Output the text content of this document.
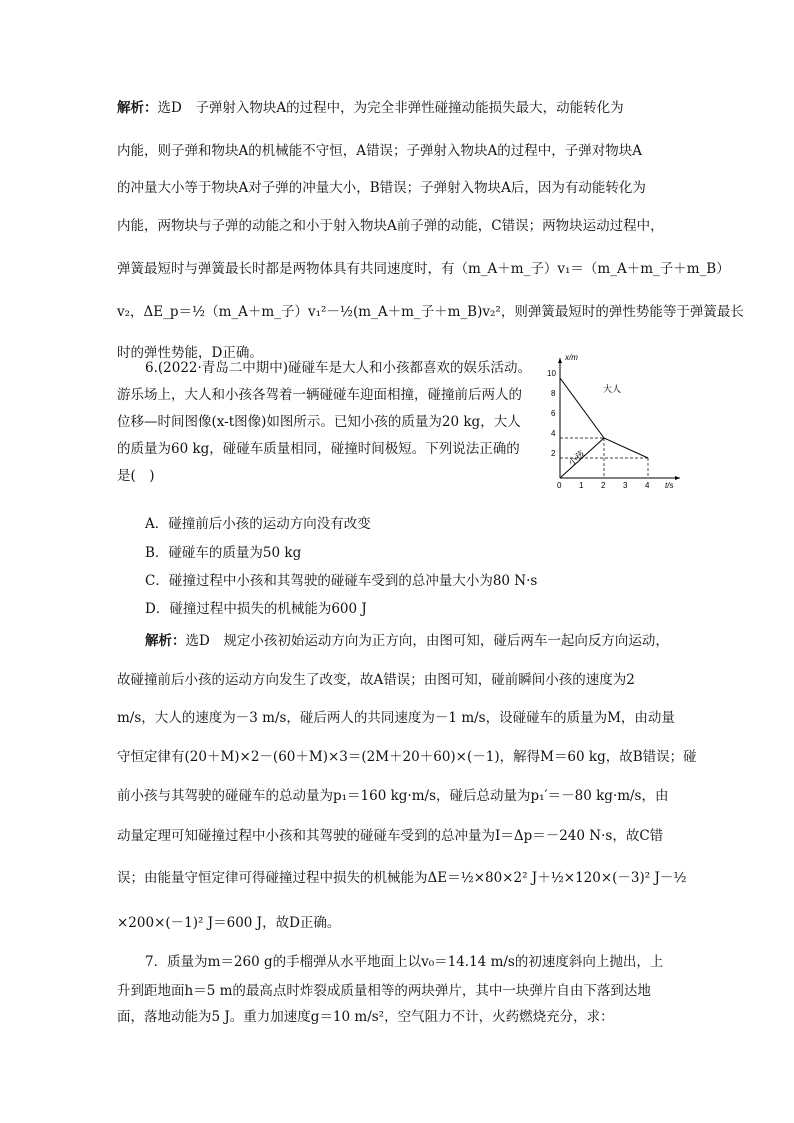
解析：选D　子弹射入物块A的过程中，为完全非弹性碰撞动能损失最大，动能转化为
内能，则子弹和物块A的机械能不守恒，A错误；子弹射入物块A的过程中，子弹对物块A
的冲量大小等于物块A对子弹的冲量大小，B错误；子弹射入物块A后，因为有动能转化为
内能，两物块与子弹的动能之和小于射入物块A前子弹的动能，C错误；两物块运动过程中，
弹簧最短时与弹簧最长时都是两物体具有共同速度时，有（m_A＋m_子）v₁＝（m_A＋m_子＋m_B）
v₂，ΔE_p＝½（m_A＋m_子）v₁²－½(m_A＋m_子＋m_B)v₂²，则弹簧最短时的弹性势能等于弹簧最长
时的弹性势能，D正确。
6.(2022·青岛二中期中)碰碰车是大人和小孩都喜欢的娱乐活动。
游乐场上，大人和小孩各驾着一辆碰碰车迎面相撞，碰撞前后两人的
位移—时间图像(x-t图像)如图所示。已知小孩的质量为20 kg，大人
的质量为60 kg，碰碰车质量相同，碰撞时间极短。下列说法正确的
是(　)
x/m
t/s
10
8
6
4
2
0 1 2 3 4
大人
小孩
A．碰撞前后小孩的运动方向没有改变
B．碰碰车的质量为50 kg
C．碰撞过程中小孩和其驾驶的碰碰车受到的总冲量大小为80 N·s
D．碰撞过程中损失的机械能为600 J
解析：选D　规定小孩初始运动方向为正方向，由图可知，碰后两车一起向反方向运动，
故碰撞前后小孩的运动方向发生了改变，故A错误；由图可知，碰前瞬间小孩的速度为2
m/s，大人的速度为－3 m/s，碰后两人的共同速度为－1 m/s，设碰碰车的质量为M，由动量
守恒定律有(20＋M)×2－(60＋M)×3＝(2M＋20＋60)×(－1)，解得M＝60 kg，故B错误；碰
前小孩与其驾驶的碰碰车的总动量为p₁＝160 kg·m/s，碰后总动量为p₁′＝－80 kg·m/s，由
动量定理可知碰撞过程中小孩和其驾驶的碰碰车受到的总冲量为I＝Δp＝－240 N·s，故C错
误；由能量守恒定律可得碰撞过程中损失的机械能为ΔE＝½×80×2² J＋½×120×(－3)² J－½
×200×(－1)² J＝600 J，故D正确。
7．质量为m＝260 g的手榴弹从水平地面上以v₀＝14.14 m/s的初速度斜向上抛出，上
升到距地面h＝5 m的最高点时炸裂成质量相等的两块弹片，其中一块弹片自由下落到达地
面，落地动能为5 J。重力加速度g＝10 m/s²，空气阻力不计，火药燃烧充分，求：
